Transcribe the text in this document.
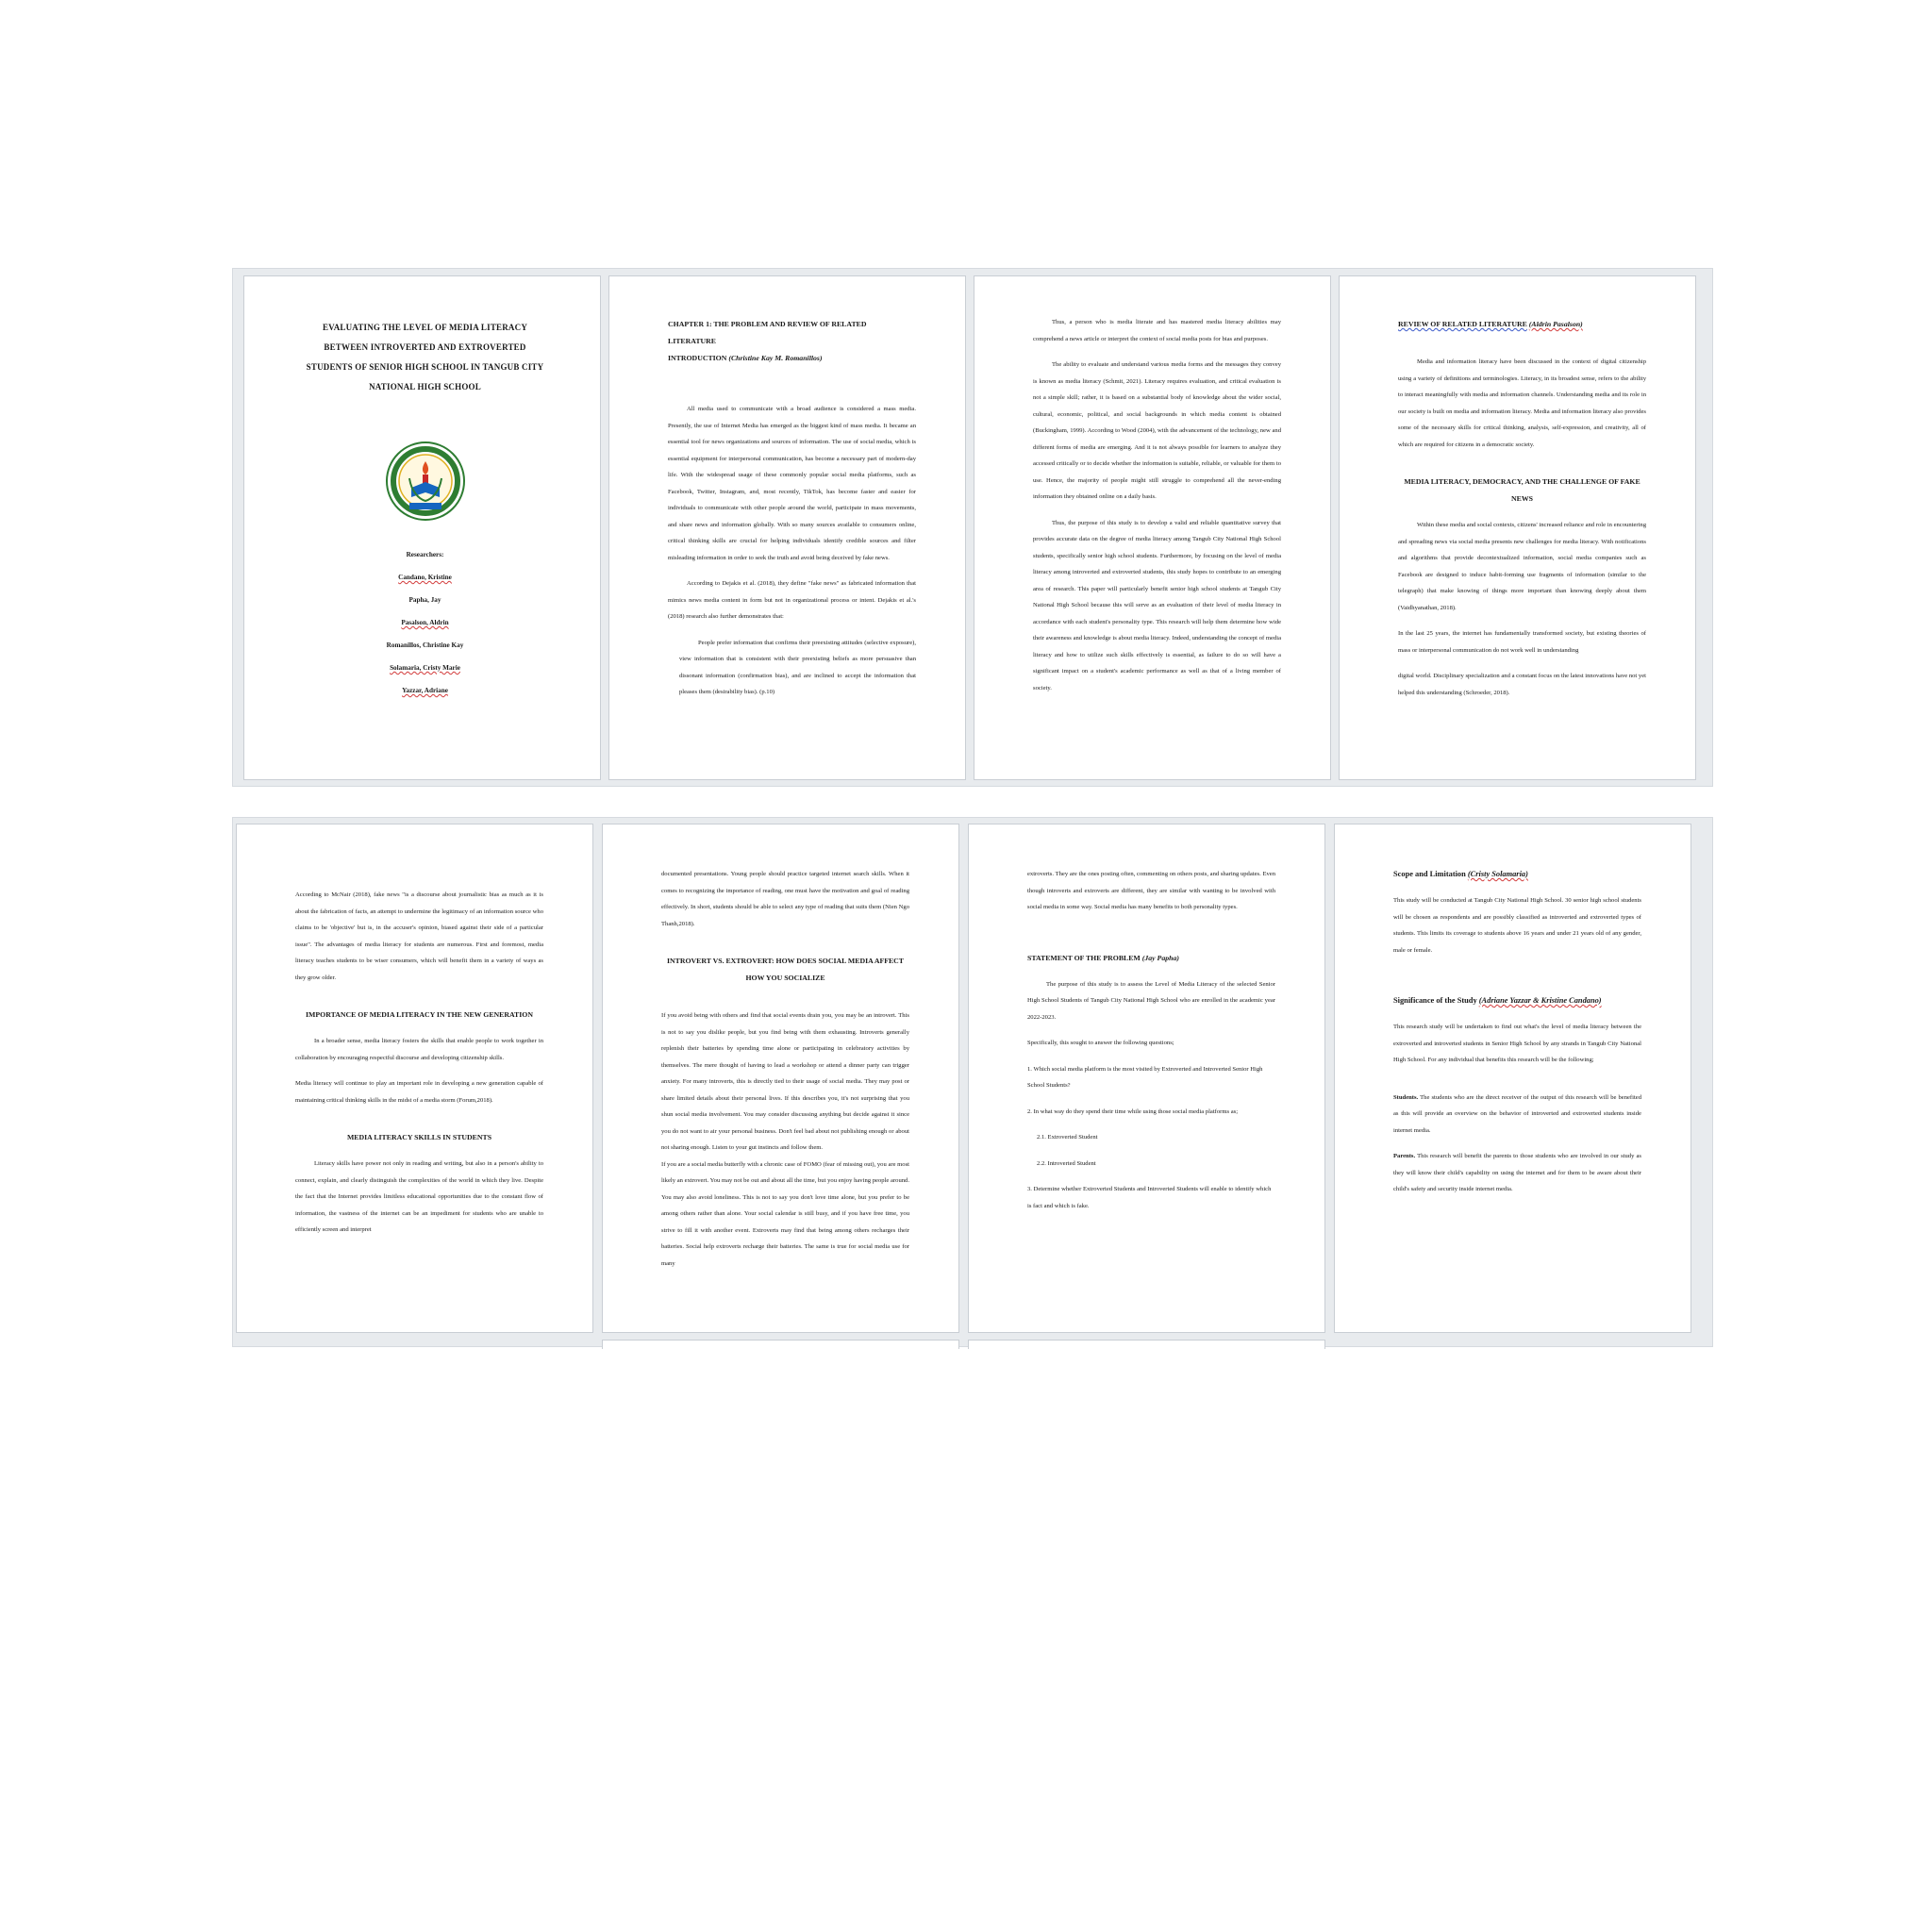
EVALUATING THE LEVEL OF MEDIA LITERACY BETWEEN INTROVERTED AND EXTROVERTED STUDENTS OF SENIOR HIGH SCHOOL IN TANGUB CITY NATIONAL HIGH SCHOOL

Researchers:

Candano, Kristine

Papha, Jay

Pasalson, Aldrin

Romanillos, Christine Kay

Solamaria, Cristy Marie

Yazzar, Adriane

CHAPTER 1: THE PROBLEM AND REVIEW OF RELATED LITERATURE

INTRODUCTION (Christine Kay M. Romanillos)

All media used to communicate with a broad audience is considered a mass media. Presently, the use of Internet Media has emerged as the biggest kind of mass media. It became an essential tool for news organizations and sources of information. The use of social media, which is essential equipment for interpersonal communication, has become a necessary part of modern-day life. With the widespread usage of these commonly popular social media platforms, such as Facebook, Twitter, Instagram, and, most recently, TikTok, has become faster and easier for individuals to communicate with other people around the world, participate in mass movements, and share news and information globally. With so many sources available to consumers online, critical thinking skills are crucial for helping individuals identify credible sources and filter misleading information in order to seek the truth and avoid being deceived by fake news.

According to Dejakis et al. (2018), they define "fake news" as fabricated information that mimics news media content in form but not in organizational process or intent. Dejakis et al.'s (2018) research also further demonstrates that:

People prefer information that confirms their preexisting attitudes (selective exposure), view information that is consistent with their preexisting beliefs as more persuasive than dissonant information (confirmation bias), and are inclined to accept the information that pleases them (desirability bias). (p.10)

Thus, a person who is media literate and has mastered media literacy abilities may comprehend a news article or interpret the context of social media posts for bias and purposes.

The ability to evaluate and understand various media forms and the messages they convey is known as media literacy (Schmit, 2021). Literacy requires evaluation, and critical evaluation is not a simple skill; rather, it is based on a substantial body of knowledge about the wider social, cultural, economic, political, and social backgrounds in which media content is obtained (Buckingham, 1999). According to Wood (2004), with the advancement of the technology, new and different forms of media are emerging. And it is not always possible for learners to analyze they accessed critically or to decide whether the information is suitable, reliable, or valuable for them to use. Hence, the majority of people might still struggle to comprehend all the never-ending information they obtained online on a daily basis.

Thus, the purpose of this study is to develop a valid and reliable quantitative survey that provides accurate data on the degree of media literacy among Tangub City National High School students, specifically senior high school students. Furthermore, by focusing on the level of media literacy among introverted and extroverted students, this study hopes to contribute to an emerging area of research. This paper will particularly benefit senior high school students at Tangub City National High School because this will serve as an evaluation of their level of media literacy in accordance with each student's personality type. This research will help them determine how wide their awareness and knowledge is about media literacy. Indeed, understanding the concept of media literacy and how to utilize such skills effectively is essential, as failure to do so will have a significant impact on a student's academic performance as well as that of a living member of society.

REVIEW OF RELATED LITERATURE (Aldrin Pasalson)

Media and information literacy have been discussed in the context of digital citizenship using a variety of definitions and terminologies. Literacy, in its broadest sense, refers to the ability to interact meaningfully with media and information channels. Understanding media and its role in our society is built on media and information literacy. Media and information literacy also provides some of the necessary skills for critical thinking, analysis, self-expression, and creativity, all of which are required for citizens in a democratic society.

MEDIA LITERACY, DEMOCRACY, AND THE CHALLENGE OF FAKE NEWS

Within these media and social contexts, citizens' increased reliance and role in encountering and spreading news via social media presents new challenges for media literacy. With notifications and algorithms that provide decontextualized information, social media companies such as Facebook are designed to induce habit-forming use fragments of information (similar to the telegraph) that make knowing of things more important than knowing deeply about them (Vaidhyanathan, 2018).

In the last 25 years, the internet has fundamentally transformed society, but existing theories of mass or interpersonal communication do not work well in understanding

digital world. Disciplinary specialization and a constant focus on the latest innovations have not yet helped this understanding (Schroeder, 2018).

According to McNair (2018), fake news "is a discourse about journalistic bias as much as it is about the fabrication of facts, an attempt to undermine the legitimacy of an information source who claims to be 'objective' but is, in the accuser's opinion, biased against their side of a particular issue". The advantages of media literacy for students are numerous. First and foremost, media literacy teaches students to be wiser consumers, which will benefit them in a variety of ways as they grow older.

IMPORTANCE OF MEDIA LITERACY IN THE NEW GENERATION

In a broader sense, media literacy fosters the skills that enable people to work together in collaboration by encouraging respectful discourse and developing citizenship skills.

Media literacy will continue to play an important role in developing a new generation capable of maintaining critical thinking skills in the midst of a media storm (Forum,2018).

MEDIA LITERACY SKILLS IN STUDENTS

Literacy skills have power not only in reading and writing, but also in a person's ability to connect, explain, and clearly distinguish the complexities of the world in which they live. Despite the fact that the Internet provides limitless educational opportunities due to the constant flow of information, the vastness of the internet can be an impediment for students who are unable to efficiently screen and interpret

documented presentations. Young people should practice targeted internet search skills. When it comes to recognizing the importance of reading, one must have the motivation and goal of reading effectively. In short, students should be able to select any type of reading that suits them (Nien Ngo Thanh,2018).

INTROVERT VS. EXTROVERT: HOW DOES SOCIAL MEDIA AFFECT HOW YOU SOCIALIZE

If you avoid being with others and find that social events drain you, you may be an introvert. This is not to say you dislike people, but you find being with them exhausting. Introverts generally replenish their batteries by spending time alone or participating in celebratory activities by themselves. The mere thought of having to lead a workshop or attend a dinner party can trigger anxiety. For many introverts, this is directly tied to their usage of social media. They may post or share limited details about their personal lives. If this describes you, it's not surprising that you shun social media involvement. You may consider discussing anything but decide against it since you do not want to air your personal business. Don't feel bad about not publishing enough or about not sharing enough. Listen to your gut instincts and follow them.

If you are a social media butterfly with a chronic case of FOMO (fear of missing out), you are most likely an extrovert. You may not be out and about all the time, but you enjoy having people around. You may also avoid loneliness. This is not to say you don't love time alone, but you prefer to be among others rather than alone. Your social calendar is still busy, and if you have free time, you strive to fill it with another event. Extroverts may find that being among others recharges their batteries. Social help extroverts recharge their batteries. The same is true for social media use for many

extroverts. They are the ones posting often, commenting on others posts, and sharing updates. Even though introverts and extroverts are different, they are similar with wanting to be involved with social media in some way. Social media has many benefits to both personality types.

STATEMENT OF THE PROBLEM (Jay Papha)

The purpose of this study is to assess the Level of Media Literacy of the selected Senior High School Students of Tangub City National High School who are enrolled in the academic year 2022-2023.

Specifically, this sought to answer the following questions;

1. Which social media platform is the most visited by Extroverted and Introverted Senior High School Students?

2. In what way do they spend their time while using those social media platforms as;

2.1. Extroverted Student

2.2. Introverted Student

3. Determine whether Extroverted Students and Introverted Students will enable to identify which is fact and which is fake.

Scope and Limitation (Cristy Solamaria)

This study will be conducted at Tangub City National High School. 30 senior high school students will be chosen as respondents and are possibly classified as introverted and extroverted types of students. This limits its coverage to students above 16 years and under 21 years old of any gender, male or female.

Significance of the Study (Adriane Yazzar & Kristine Candano)

This research study will be undertaken to find out what's the level of media literacy between the extroverted and introverted students in Senior High School by any strands in Tangub City National High School. For any individual that benefits this research will be the following;

Students. The students who are the direct receiver of the output of this research will be benefited as this will provide an overview on the behavior of introverted and extroverted students inside internet media.

Parents. This research will benefit the parents to those students who are involved in our study as they will know their child's capability on using the internet and for them to be aware about their child's safety and security inside internet media.
